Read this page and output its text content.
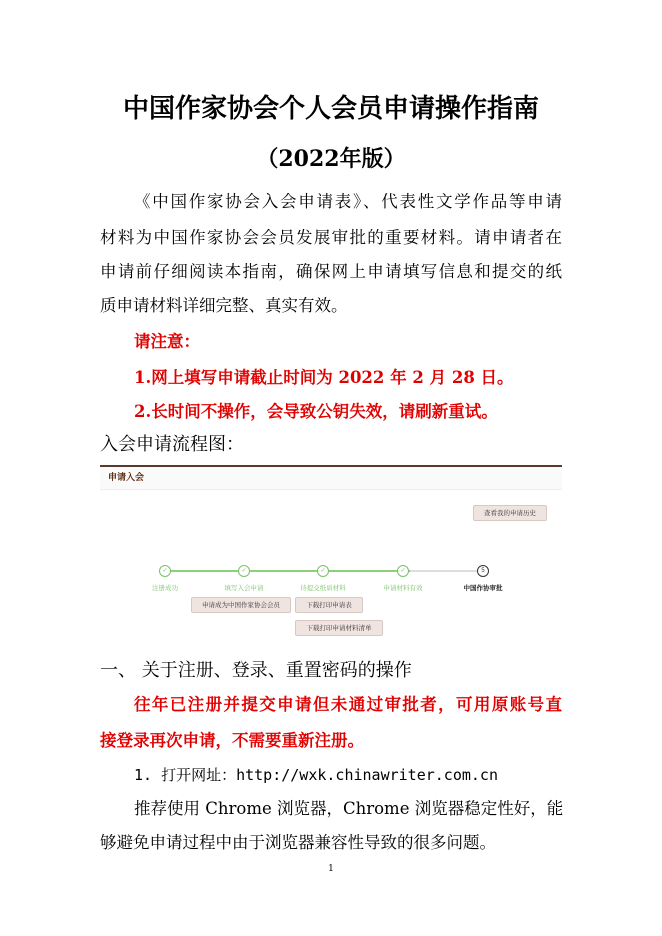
中国作家协会个人会员申请操作指南
（2022年版）
《中国作家协会入会申请表》、代表性文学作品等申请
材料为中国作家协会会员发展审批的重要材料。请申请者在
申请前仔细阅读本指南，确保网上申请填写信息和提交的纸
质申请材料详细完整、真实有效。
请注意：
1.网上填写申请截止时间为 2022 年 2 月 28 日。
2.长时间不操作，会导致公钥失效，请刷新重试。
入会申请流程图：
申请入会
查看我的申请历史
✓	✓	✓	✓	5
注册成功	填写入会申请	待提交纸质材料	申请材料有效	中国作协审批
申请成为中国作家协会会员	下载打印申请表
下载打印申请材料清单
一、 关于注册、登录、重置密码的操作
往年已注册并提交申请但未通过审批者，可用原账号直
接登录再次申请，不需要重新注册。
1. 打开网址：http://wxk.chinawriter.com.cn
推荐使用 Chrome 浏览器，Chrome 浏览器稳定性好，能
够避免申请过程中由于浏览器兼容性导致的很多问题。
1
